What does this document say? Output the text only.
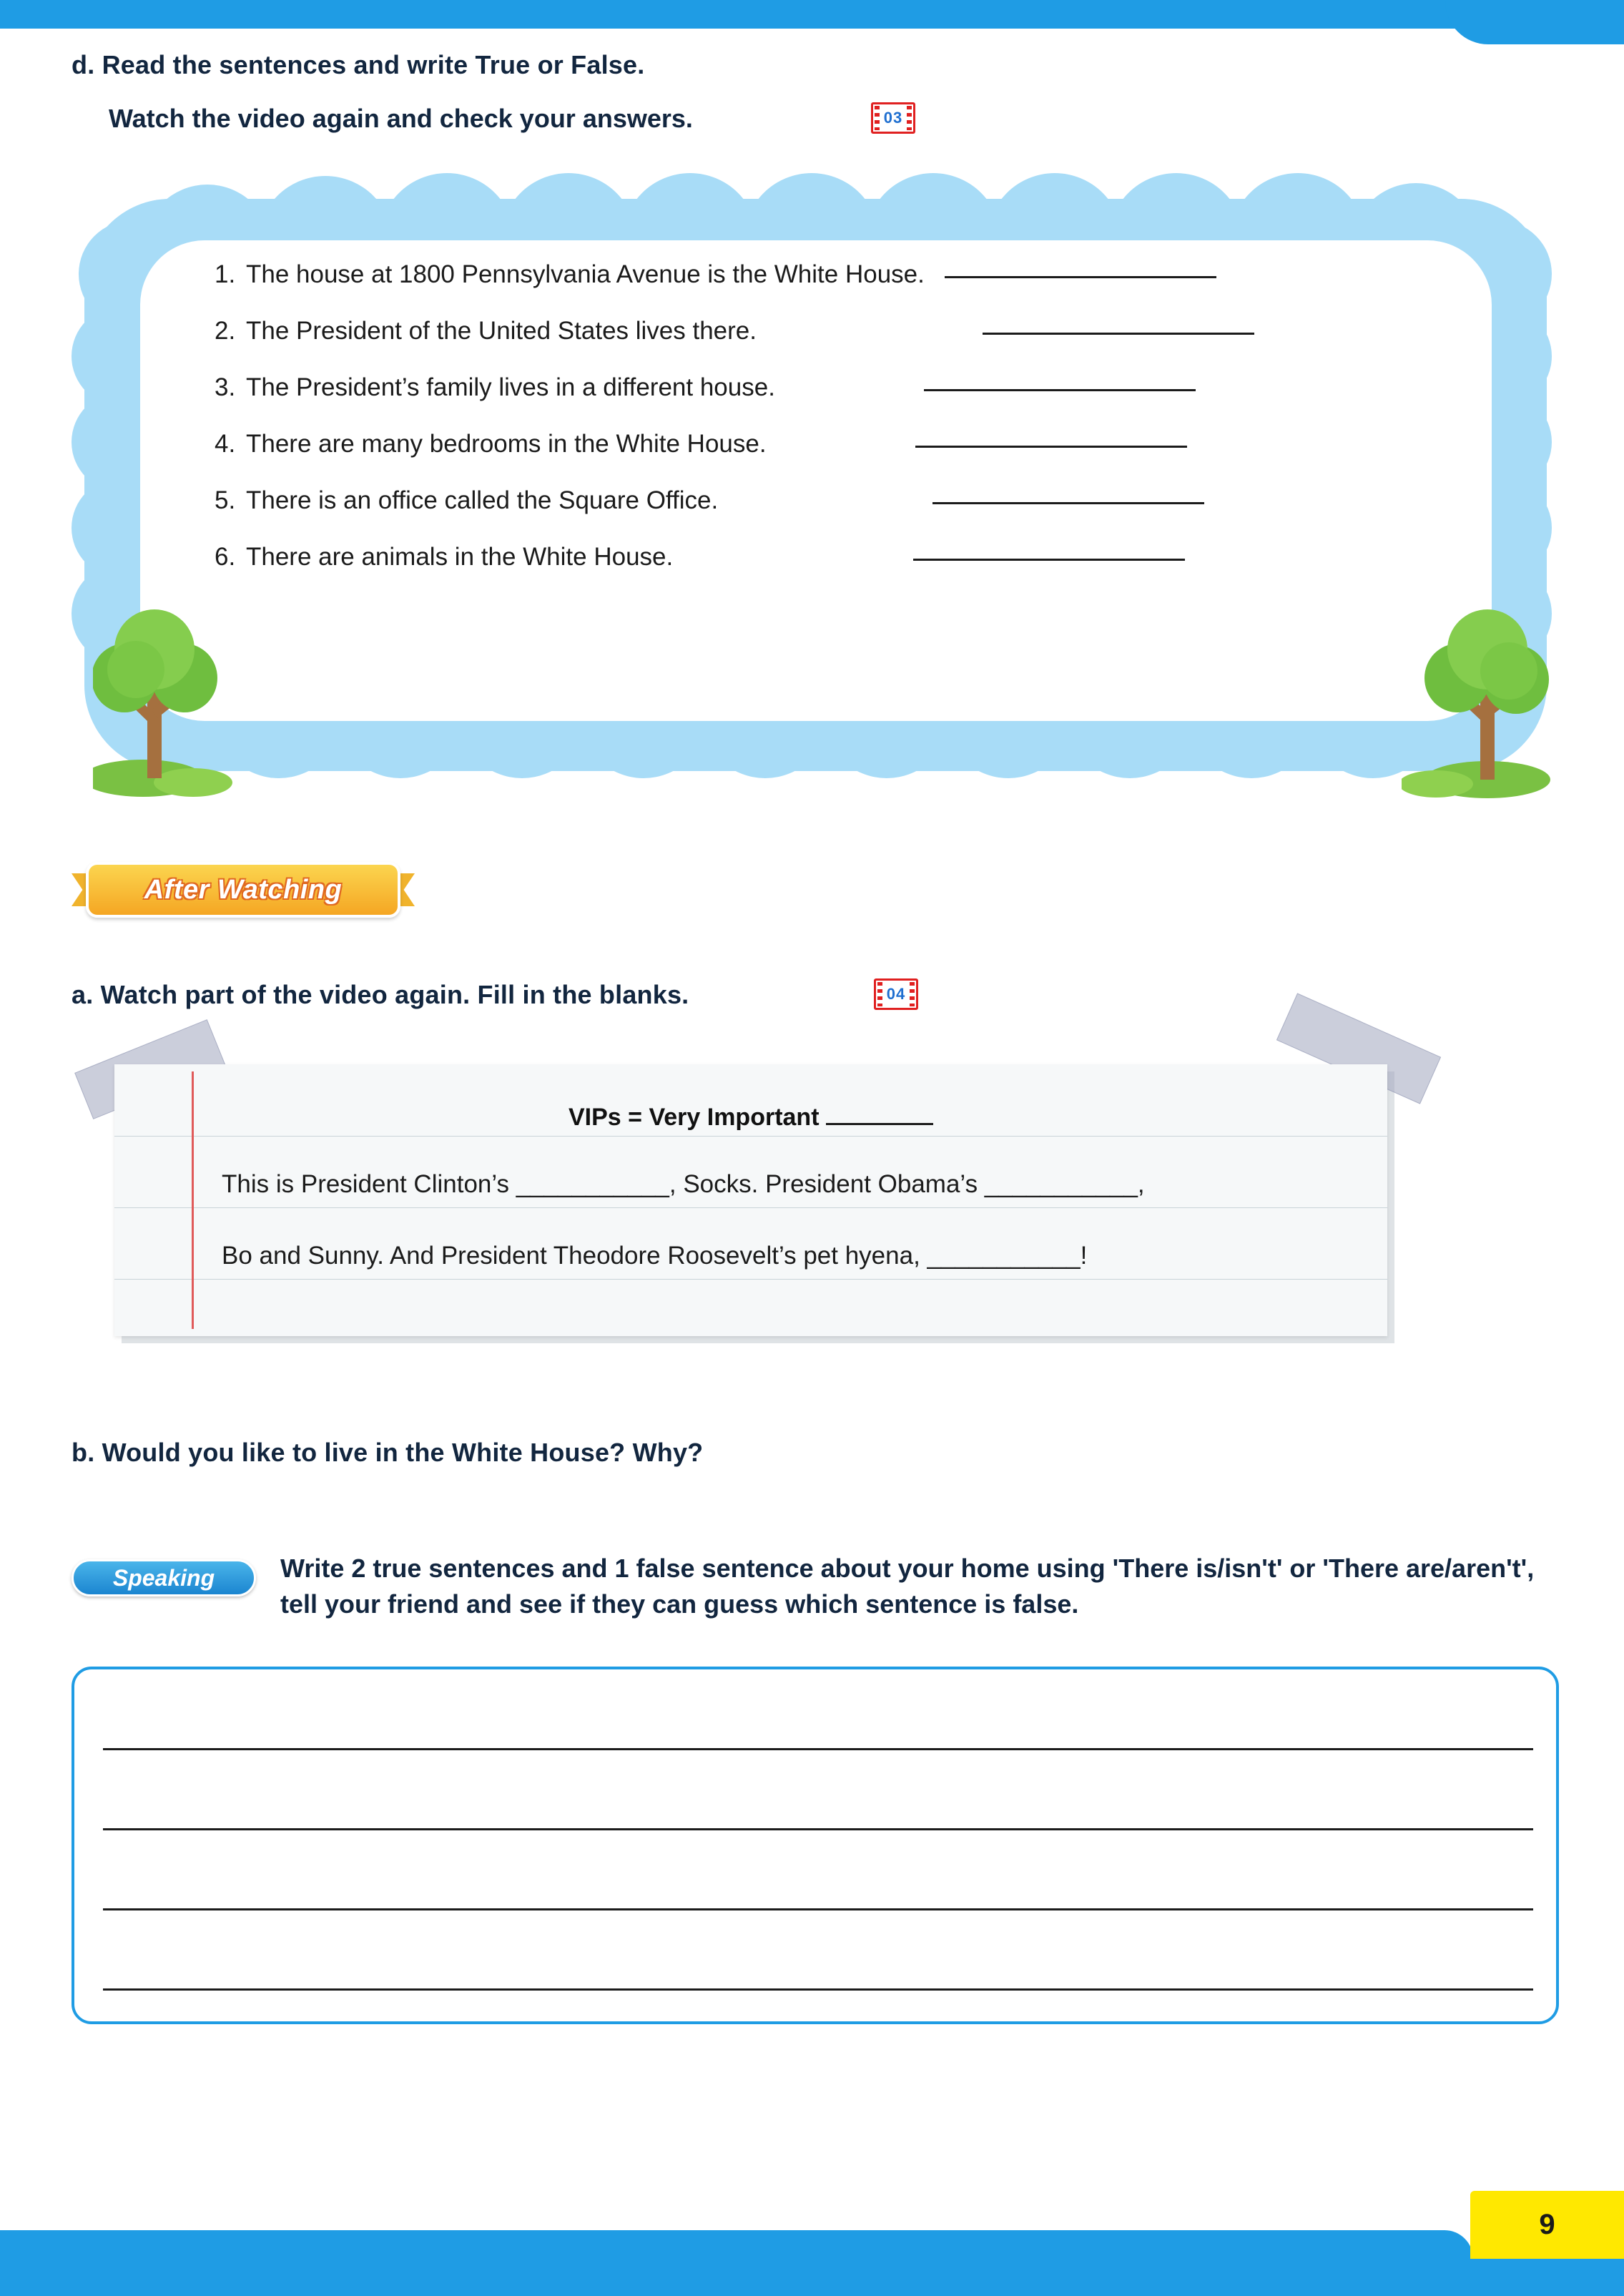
d. Read the sentences and write True or False.
Watch the video again and check your answers.	03
1. The house at 1800 Pennsylvania Avenue is the White House.
2. The President of the United States lives there.
3. The President’s family lives in a different house.
4. There are many bedrooms in the White House.
5. There is an office called the Square Office.
6. There are animals in the White House.
After Watching
a. Watch part of the video again. Fill in the blanks.	04
VIPs = Very Important
This is President Clinton’s ___________, Socks. President Obama’s ___________,
Bo and Sunny. And President Theodore Roosevelt’s pet hyena, ___________!
b. Would you like to live in the White House? Why?
Speaking	Write 2 true sentences and 1 false sentence about your home using 'There is/isn't' or 'There are/aren't', tell your friend and see if they can guess which sentence is false.
9
